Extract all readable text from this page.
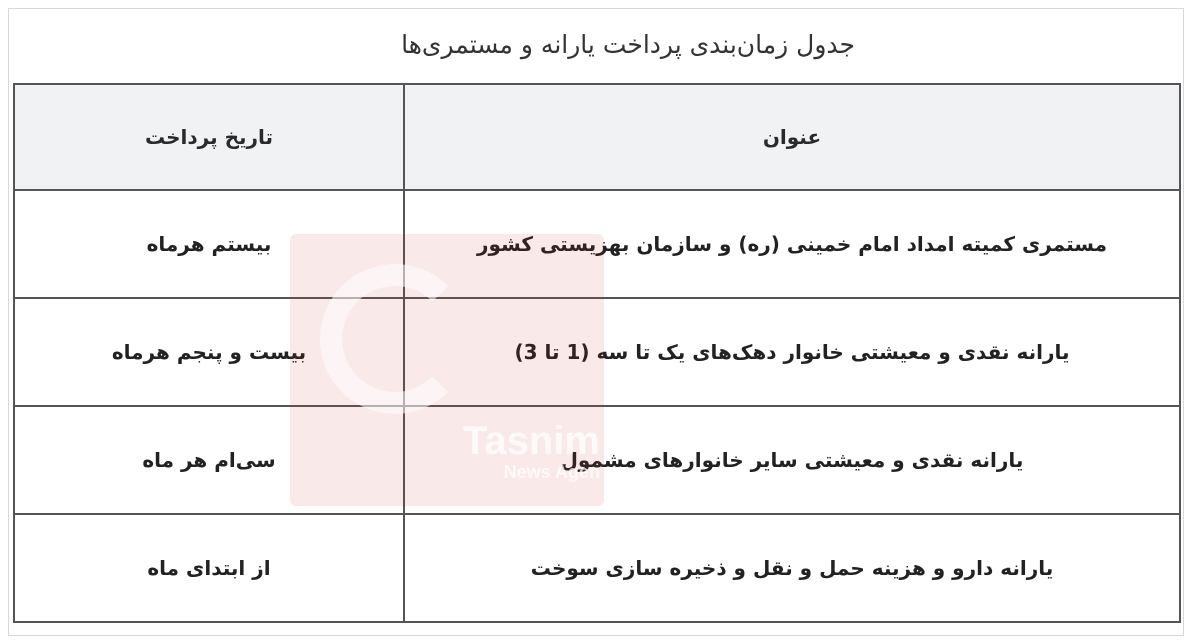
جدول زمان‌بندی پرداخت یارانه و مستمری‌ها
عنوان	تاریخ پرداخت
مستمری کمیته امداد امام خمینی (ره) و سازمان بهزیستی کشور	بیستم هرماه
یارانه نقدی و معیشتی خانوار دهک‌های یک تا سه (1 تا 3)	بیست و پنجم هرماه
یارانه نقدی و معیشتی سایر خانوارهای مشمول	سی‌ام هر ماه
یارانه دارو و هزینه حمل و نقل و ذخیره سازی سوخت	از ابتدای ماه
Tasnim
News Agen
